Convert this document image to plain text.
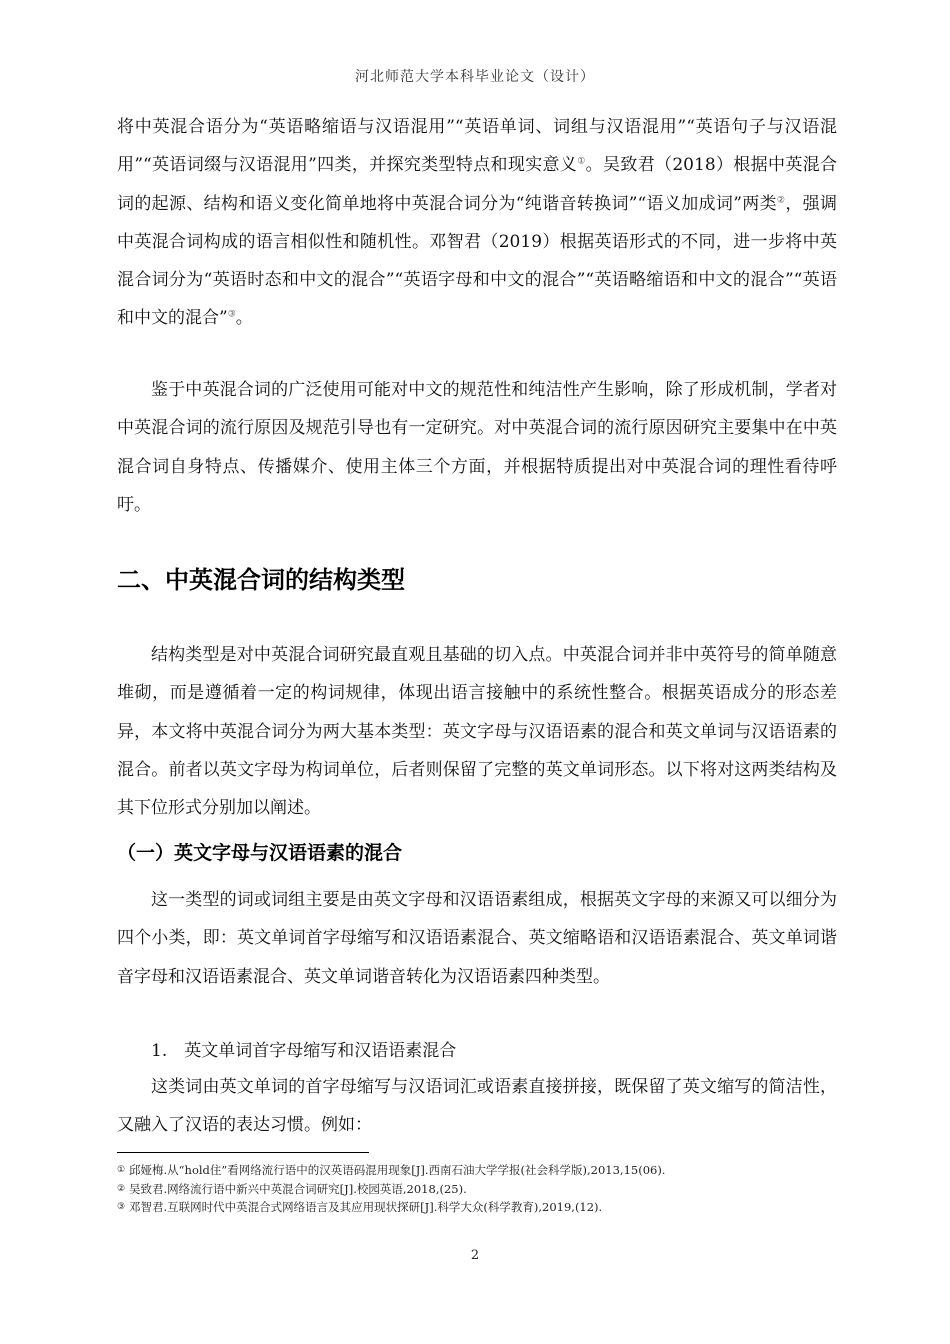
河北师范大学本科毕业论文（设计）

将中英混合语分为“英语略缩语与汉语混用”“英语单词、词组与汉语混用”“英语句子与汉语混用”“英语词缀与汉语混用”四类，并探究类型特点和现实意义①。吴致君（2018）根据中英混合词的起源、结构和语义变化简单地将中英混合词分为“纯谐音转换词”“语义加成词”两类②，强调中英混合词构成的语言相似性和随机性。邓智君（2019）根据英语形式的不同，进一步将中英混合词分为“英语时态和中文的混合”“英语字母和中文的混合”“英语略缩语和中文的混合”“英语和中文的混合”③。

鉴于中英混合词的广泛使用可能对中文的规范性和纯洁性产生影响，除了形成机制，学者对中英混合词的流行原因及规范引导也有一定研究。对中英混合词的流行原因研究主要集中在中英混合词自身特点、传播媒介、使用主体三个方面，并根据特质提出对中英混合词的理性看待呼吁。

二、中英混合词的结构类型

结构类型是对中英混合词研究最直观且基础的切入点。中英混合词并非中英符号的简单随意堆砌，而是遵循着一定的构词规律，体现出语言接触中的系统性整合。根据英语成分的形态差异，本文将中英混合词分为两大基本类型：英文字母与汉语语素的混合和英文单词与汉语语素的混合。前者以英文字母为构词单位，后者则保留了完整的英文单词形态。以下将对这两类结构及其下位形式分别加以阐述。

（一）英文字母与汉语语素的混合

这一类型的词或词组主要是由英文字母和汉语语素组成，根据英文字母的来源又可以细分为四个小类，即：英文单词首字母缩写和汉语语素混合、英文缩略语和汉语语素混合、英文单词谐音字母和汉语语素混合、英文单词谐音转化为汉语语素四种类型。

1.　英文单词首字母缩写和汉语语素混合

这类词由英文单词的首字母缩写与汉语词汇或语素直接拼接，既保留了英文缩写的简洁性，又融入了汉语的表达习惯。例如：

① 邱娅梅.从“hold住”看网络流行语中的汉英语码混用现象[J].西南石油大学学报(社会科学版),2013,15(06).
② 吴致君.网络流行语中新兴中英混合词研究[J].校园英语,2018,(25).
③ 邓智君.互联网时代中英混合式网络语言及其应用现状探研[J].科学大众(科学教育),2019,(12).
2
